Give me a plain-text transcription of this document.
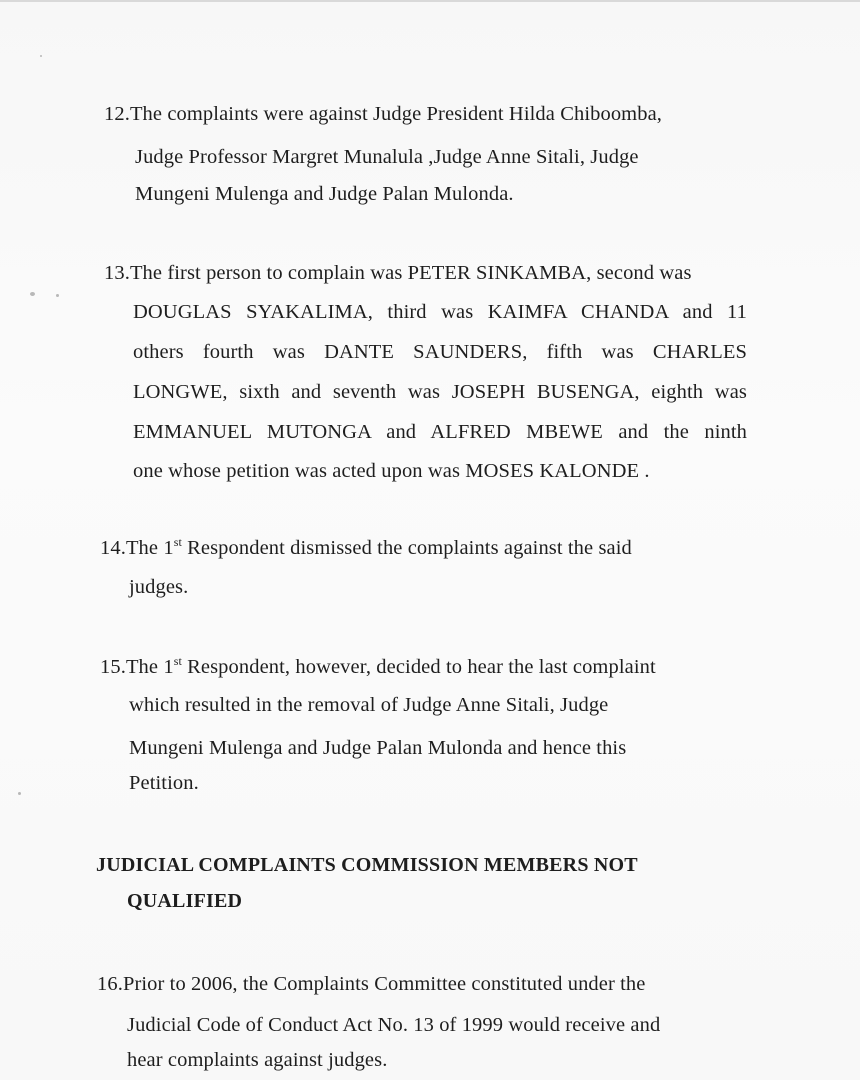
12.The complaints were against Judge President Hilda Chiboomba,
Judge Professor Margret Munalula ,Judge Anne Sitali, Judge
Mungeni Mulenga and Judge Palan Mulonda.
13.The first person to complain was PETER SINKAMBA, second was
DOUGLAS SYAKALIMA, third was KAIMFA CHANDA and 11
others fourth was DANTE SAUNDERS, fifth was CHARLES
LONGWE, sixth and seventh was JOSEPH BUSENGA, eighth was
EMMANUEL MUTONGA and ALFRED MBEWE and the ninth
one whose petition was acted upon was MOSES KALONDE .
14.The 1st Respondent dismissed the complaints against the said
judges.
15.The 1st Respondent, however, decided to hear the last complaint
which resulted in the removal of Judge Anne Sitali, Judge
Mungeni Mulenga and Judge Palan Mulonda and hence this
Petition.
JUDICIAL COMPLAINTS COMMISSION MEMBERS NOT
QUALIFIED
16.Prior to 2006, the Complaints Committee constituted under the
Judicial Code of Conduct Act No. 13 of 1999 would receive and
hear complaints against judges.
